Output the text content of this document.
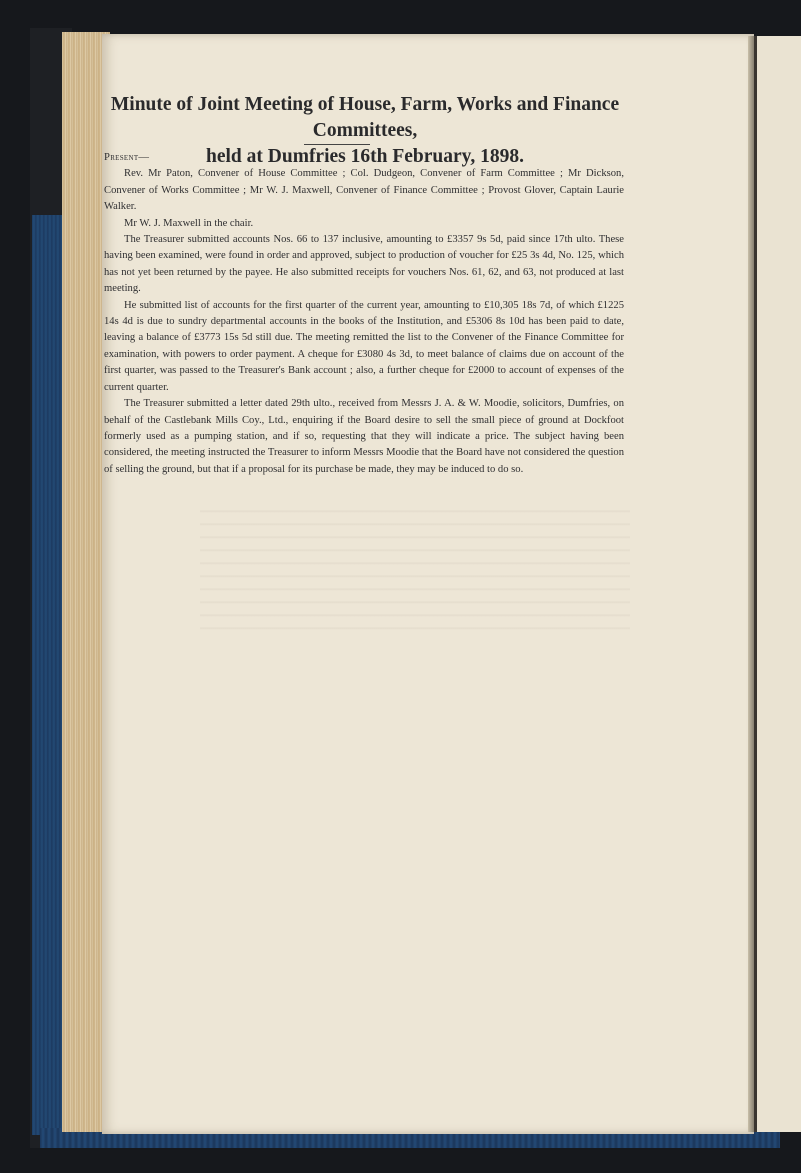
Minute of Joint Meeting of House, Farm, Works and Finance Committees,
held at Dumfries 16th February, 1898.

Present—

Rev. Mr Paton, Convener of House Committee ; Col. Dudgeon, Convener of Farm Committee ; Mr Dickson, Convener of Works Committee ; Mr W. J. Maxwell, Convener of Finance Committee ; Provost Glover, Captain Laurie Walker.

Mr W. J. Maxwell in the chair.

The Treasurer submitted accounts Nos. 66 to 137 inclusive, amounting to £3357 9s 5d, paid since 17th ulto. These having been examined, were found in order and approved, subject to production of voucher for £25 3s 4d, No. 125, which has not yet been returned by the payee. He also submitted receipts for vouchers Nos. 61, 62, and 63, not produced at last meeting.

He submitted list of accounts for the first quarter of the current year, amounting to £10,305 18s 7d, of which £1225 14s 4d is due to sundry departmental accounts in the books of the Institution, and £5306 8s 10d has been paid to date, leaving a balance of £3773 15s 5d still due. The meeting remitted the list to the Convener of the Finance Committee for examination, with powers to order payment. A cheque for £3080 4s 3d, to meet balance of claims due on account of the first quarter, was passed to the Treasurer's Bank account ; also, a further cheque for £2000 to account of expenses of the current quarter.

The Treasurer submitted a letter dated 29th ulto., received from Messrs J. A. & W. Moodie, solicitors, Dumfries, on behalf of the Castlebank Mills Coy., Ltd., enquiring if the Board desire to sell the small piece of ground at Dockfoot formerly used as a pumping station, and if so, requesting that they will indicate a price. The subject having been considered, the meeting instructed the Treasurer to inform Messrs Moodie that the Board have not considered the question of selling the ground, but that if a proposal for its purchase be made, they may be induced to do so.
